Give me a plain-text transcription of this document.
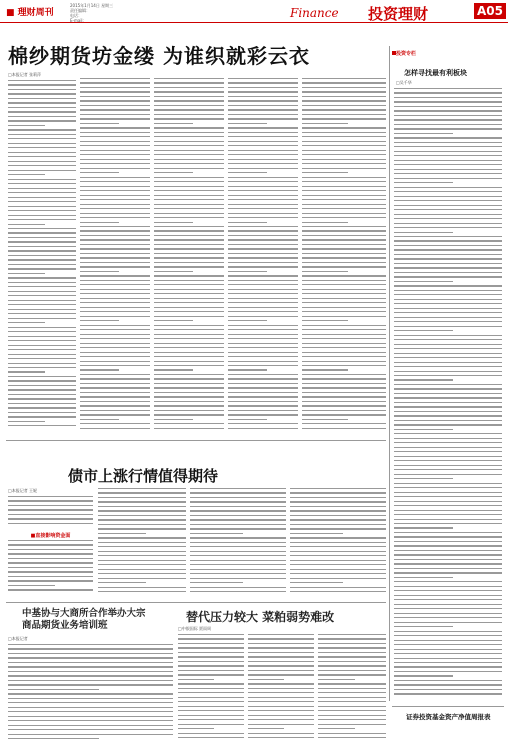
■ 理财周刊
2015年1月14日 星期三
责任编辑：
电话：
E-mail：
Finance 投资理财	A05
棉纱期货坊金缕 为谁织就彩云衣
□本报记者 张莉萍
投资专栏
怎样寻找最有利板块
□吴千华
债市上涨行情值得期待
□本报记者 王妮
■直接影响资金面
中基协与大商所合作举办大宗商品期货业务培训班
□本报记者
替代压力较大 菜粕弱势难改
□中银国际 贾雨周
证券投资基金资产净值周报表
